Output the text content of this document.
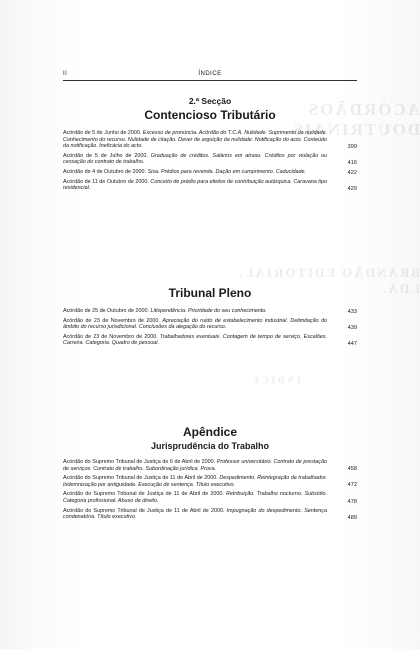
ACÓRDÃOS DOUTRINAIS
BRANDÃO EDITORIAL, LDA.
ÍNDICE
II	ÍNDICE
2.ª Secção
Contencioso Tributário
Acórdão de 5 de Junho de 2000. Excesso de pronúncia. Acórdão do T.C.A. Nulidade. Suprimento da nulidade. Conhecimento do recurso. Nulidade de citação. Dever de arguição da nulidade. Notificação do acto. Conteúdo da notificação. Ineficácia do acto.	399
Acórdão de 5 de Julho de 2000. Graduação de créditos. Salários em atraso. Créditos por violação ou cessação do contrato de trabalho.	416
Acórdão de 4 de Outubro de 2000. Sisa. Prédios para revenda. Dação em cumprimento. Caducidade.	422
Acórdão de 11 de Outubro de 2000. Conceito de prédio para efeitos de contribuição autárquica. Caravana tipo residencial.	429
Tribunal Pleno
Acórdão de 25 de Outubro de 2000. Litispendência. Prioridade do seu conhecimento.	433
Acórdão de 23 de Novembro de 2000. Apreciação do ruído de estabelecimento industrial. Delimitação do âmbito do recurso jurisdicional. Conclusões da alegação do recurso.	439
Acórdão de 23 de Novembro de 2000. Trabalhadores eventuais. Contagem de tempo de serviço. Escalões. Carreira. Categoria. Quadro de pessoal.	447
Apêndice
Jurisprudência do Trabalho
Acórdão do Supremo Tribunal de Justiça de 6 de Abril de 2000. Professor universitário. Contrato de prestação de serviços. Contrato de trabalho. Subordinação jurídica. Prova.	458
Acórdão do Supremo Tribunal de Justiça de 11 de Abril de 2000. Despedimento. Reintegração de trabalhador. Indemnização por antiguidade. Execução de sentença. Título executivo.	472
Acórdão do Supremo Tribunal de Justiça de 11 de Abril de 2000. Retribuição. Trabalho nocturno. Subsídio. Categoria profissional. Abuso de direito.	478
Acórdão do Supremo Tribunal de Justiça de 11 de Abril de 2000. Impugnação do despedimento. Sentença condenatória. Título executivo.	489
